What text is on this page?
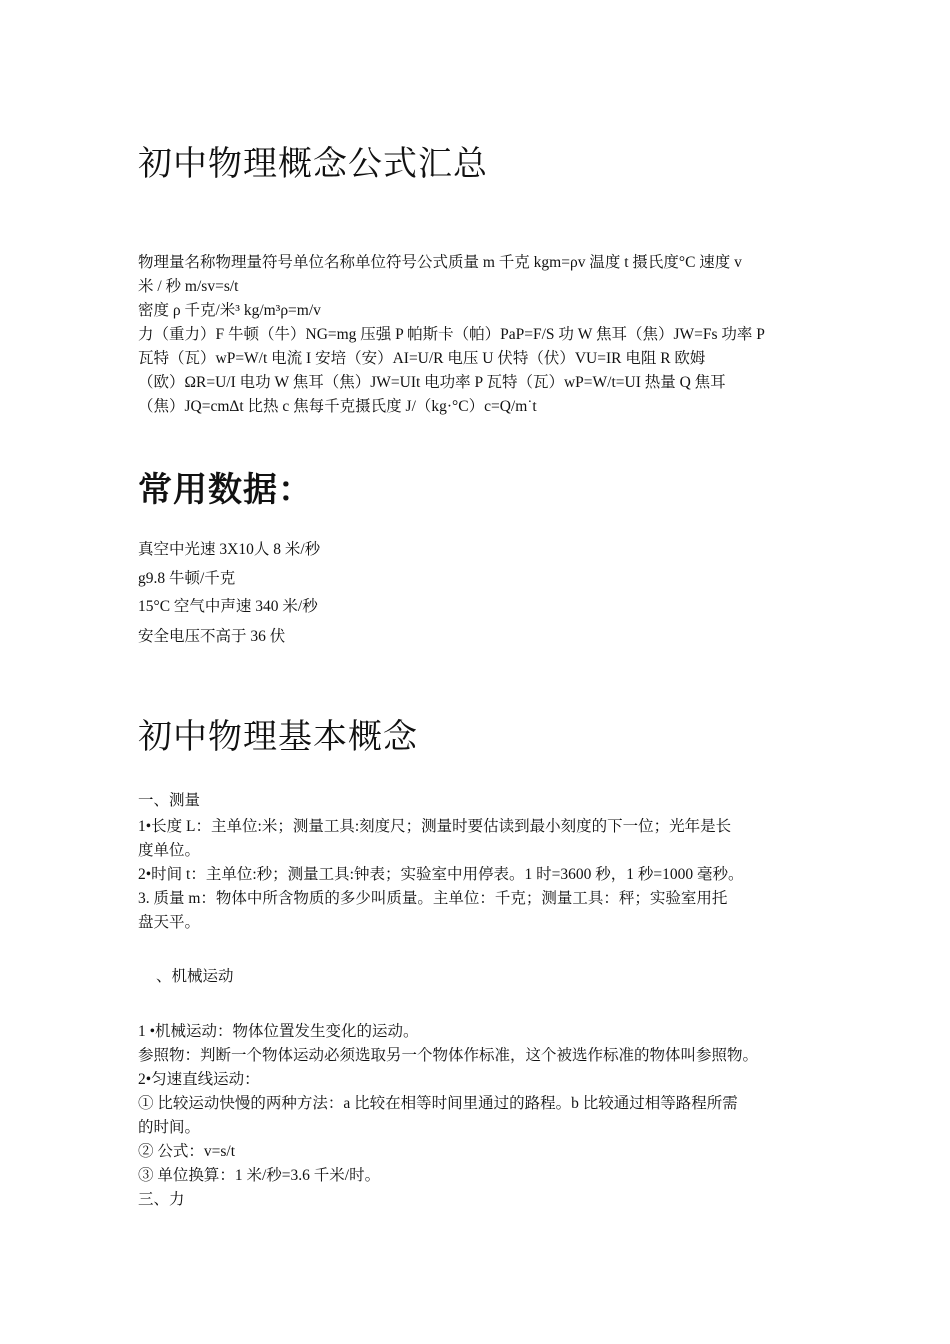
初中物理概念公式汇总

物理量名称物理量符号单位名称单位符号公式质量 m 千克 kgm=ρv 温度 t 摄氏度°C 速度 v

米 / 秒 m/sv=s/t

密度 ρ 千克/米³ kg/m³ρ=m/v

力（重力）F 牛顿（牛）NG=mg 压强 P 帕斯卡（帕）PaP=F/S 功 W 焦耳（焦）JW=Fs 功率 P

瓦特（瓦）wP=W/t 电流 I 安培（安）AI=U/R 电压 U 伏特（伏）VU=IR 电阻 R 欧姆

（欧）ΩR=U/I 电功 W 焦耳（焦）JW=UIt 电功率 P 瓦特（瓦）wP=W/t=UI 热量 Q 焦耳

（焦）JQ=cmΔt 比热 c 焦每千克摄氏度 J/（kg·°C）c=Q/m˙t

常用数据：

真空中光速 3X10人 8 米/秒

g9.8 牛顿/千克

15°C 空气中声速 340 米/秒

安全电压不高于 36 伏

初中物理基本概念

一、测量

1•长度 L：主单位:米；测量工具:刻度尺；测量时要估读到最小刻度的下一位；光年是长

度单位。

2•时间 t：主单位:秒；测量工具:钟表；实验室中用停表。1 时=3600 秒，1 秒=1000 毫秒。

3. 质量 m：物体中所含物质的多少叫质量。主单位：千克；测量工具：秤；实验室用托

盘天平。

、机械运动

1 •机械运动：物体位置发生变化的运动。

参照物：判断一个物体运动必须选取另一个物体作标准，这个被选作标准的物体叫参照物。

2•匀速直线运动：

① 比较运动快慢的两种方法：a 比较在相等时间里通过的路程。b 比较通过相等路程所需

的时间。

② 公式：v=s/t

③ 单位换算：1 米/秒=3.6 千米/时。

三、力
